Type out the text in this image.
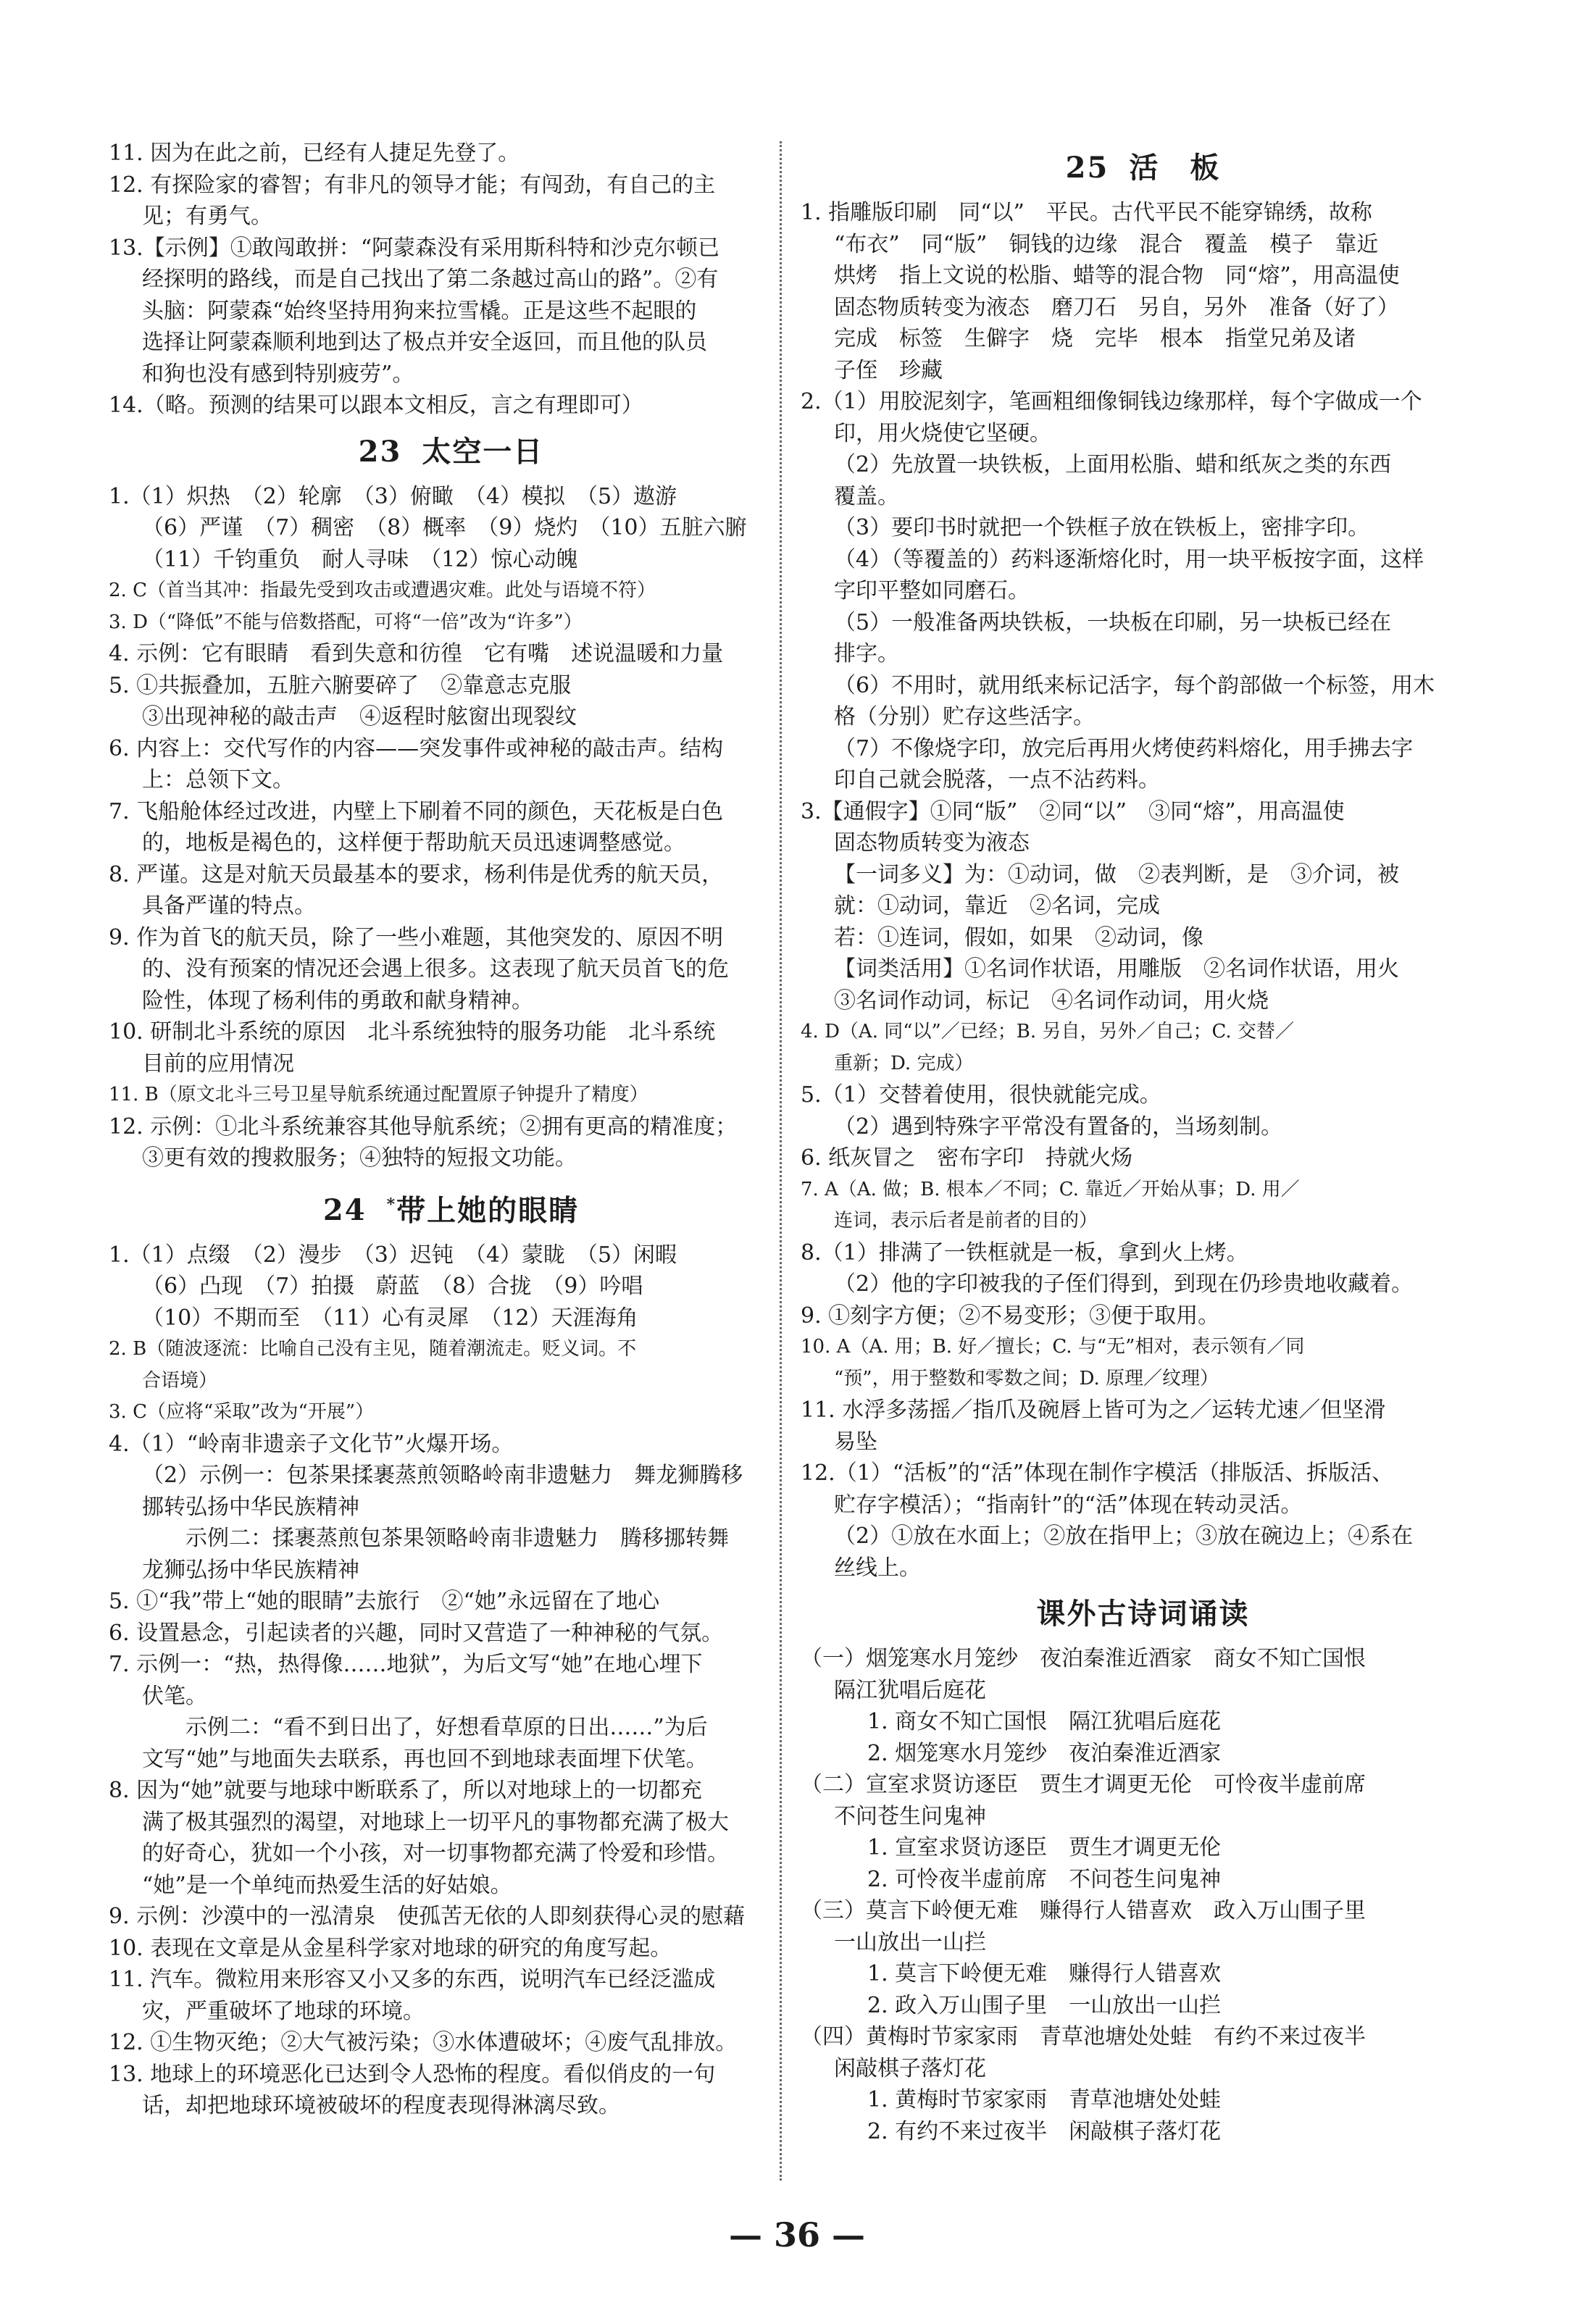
11. 因为在此之前，已经有人捷足先登了。
12. 有探险家的睿智；有非凡的领导才能；有闯劲，有自己的主
见；有勇气。
13.【示例】①敢闯敢拼：“阿蒙森没有采用斯科特和沙克尔顿已
经探明的路线，而是自己找出了第二条越过高山的路”。②有
头脑：阿蒙森“始终坚持用狗来拉雪橇。正是这些不起眼的
选择让阿蒙森顺利地到达了极点并安全返回，而且他的队员
和狗也没有感到特别疲劳”。
14.（略。预测的结果可以跟本文相反，言之有理即可）
23 太空一日
1.（1）炽热　（2）轮廓　（3）俯瞰　（4）模拟　（5）遨游
（6）严谨　（7）稠密　（8）概率　（9）烧灼　（10）五脏六腑
（11）千钧重负　耐人寻味　（12）惊心动魄
2. C（首当其冲：指最先受到攻击或遭遇灾难。此处与语境不符）
3. D（“降低”不能与倍数搭配，可将“一倍”改为“许多”）
4. 示例：它有眼睛　看到失意和彷徨　它有嘴　述说温暖和力量
5. ①共振叠加，五脏六腑要碎了　②靠意志克服
③出现神秘的敲击声　④返程时舷窗出现裂纹
6. 内容上：交代写作的内容——突发事件或神秘的敲击声。结构
上：总领下文。
7. 飞船舱体经过改进，内壁上下刷着不同的颜色，天花板是白色
的，地板是褐色的，这样便于帮助航天员迅速调整感觉。
8. 严谨。这是对航天员最基本的要求，杨利伟是优秀的航天员，
具备严谨的特点。
9. 作为首飞的航天员，除了一些小难题，其他突发的、原因不明
的、没有预案的情况还会遇上很多。这表现了航天员首飞的危
险性，体现了杨利伟的勇敢和献身精神。
10. 研制北斗系统的原因　北斗系统独特的服务功能　北斗系统
目前的应用情况
11. B（原文北斗三号卫星导航系统通过配置原子钟提升了精度）
12. 示例：①北斗系统兼容其他导航系统；②拥有更高的精准度；
③更有效的搜救服务；④独特的短报文功能。
24 *带上她的眼睛
1.（1）点缀　（2）漫步　（3）迟钝　（4）蒙眬　（5）闲暇
（6）凸现　（7）拍摄　蔚蓝　（8）合拢　（9）吟唱
（10）不期而至　（11）心有灵犀　（12）天涯海角
2. B（随波逐流：比喻自己没有主见，随着潮流走。贬义词。不
合语境）
3. C（应将“采取”改为“开展”）
4.（1）“岭南非遗亲子文化节”火爆开场。
（2）示例一：包茶果揉裹蒸煎领略岭南非遗魅力　舞龙狮腾移
挪转弘扬中华民族精神
　　示例二：揉裹蒸煎包茶果领略岭南非遗魅力　腾移挪转舞
龙狮弘扬中华民族精神
5. ①“我”带上“她的眼睛”去旅行　②“她”永远留在了地心
6. 设置悬念，引起读者的兴趣，同时又营造了一种神秘的气氛。
7. 示例一：“热，热得像……地狱”，为后文写“她”在地心埋下
伏笔。
　　示例二：“看不到日出了，好想看草原的日出……”为后
文写“她”与地面失去联系，再也回不到地球表面埋下伏笔。
8. 因为“她”就要与地球中断联系了，所以对地球上的一切都充
满了极其强烈的渴望，对地球上一切平凡的事物都充满了极大
的好奇心，犹如一个小孩，对一切事物都充满了怜爱和珍惜。
“她”是一个单纯而热爱生活的好姑娘。
9. 示例：沙漠中的一泓清泉　使孤苦无依的人即刻获得心灵的慰藉
10. 表现在文章是从金星科学家对地球的研究的角度写起。
11. 汽车。微粒用来形容又小又多的东西，说明汽车已经泛滥成
灾，严重破坏了地球的环境。
12. ①生物灭绝；②大气被污染；③水体遭破坏；④废气乱排放。
13. 地球上的环境恶化已达到令人恐怖的程度。看似俏皮的一句
话，却把地球环境被破坏的程度表现得淋漓尽致。
25 活　板
1. 指雕版印刷　同“以”　平民。古代平民不能穿锦绣，故称
“布衣”　同“版”　铜钱的边缘　混合　覆盖　模子　靠近
烘烤　指上文说的松脂、蜡等的混合物　同“熔”，用高温使
固态物质转变为液态　磨刀石　另自，另外　准备（好了）
完成　标签　生僻字　烧　完毕　根本　指堂兄弟及诸
子侄　珍藏
2.（1）用胶泥刻字，笔画粗细像铜钱边缘那样，每个字做成一个
印，用火烧使它坚硬。
（2）先放置一块铁板，上面用松脂、蜡和纸灰之类的东西
覆盖。
（3）要印书时就把一个铁框子放在铁板上，密排字印。
（4）（等覆盖的）药料逐渐熔化时，用一块平板按字面，这样
字印平整如同磨石。
（5）一般准备两块铁板，一块板在印刷，另一块板已经在
排字。
（6）不用时，就用纸来标记活字，每个韵部做一个标签，用木
格（分别）贮存这些活字。
（7）不像烧字印，放完后再用火烤使药料熔化，用手拂去字
印自己就会脱落，一点不沾药料。
3.【通假字】①同“版”　②同“以”　③同“熔”，用高温使
固态物质转变为液态
【一词多义】为：①动词，做　②表判断，是　③介词，被
就：①动词，靠近　②名词，完成
若：①连词，假如，如果　②动词，像
【词类活用】①名词作状语，用雕版　②名词作状语，用火
③名词作动词，标记　④名词作动词，用火烧
4. D（A. 同“以”／已经；B. 另自，另外／自己；C. 交替／
重新；D. 完成）
5.（1）交替着使用，很快就能完成。
（2）遇到特殊字平常没有置备的，当场刻制。
6. 纸灰冒之　密布字印　持就火炀
7. A（A. 做；B. 根本／不同；C. 靠近／开始从事；D. 用／
连词，表示后者是前者的目的）
8.（1）排满了一铁框就是一板，拿到火上烤。
（2）他的字印被我的子侄们得到，到现在仍珍贵地收藏着。
9. ①刻字方便；②不易变形；③便于取用。
10. A（A. 用；B. 好／擅长；C. 与“无”相对，表示领有／同
“预”，用于整数和零数之间；D. 原理／纹理）
11. 水浮多荡摇／指爪及碗唇上皆可为之／运转尤速／但坚滑
易坠
12.（1）“活板”的“活”体现在制作字模活（排版活、拆版活、
贮存字模活）；“指南针”的“活”体现在转动灵活。
（2）①放在水面上；②放在指甲上；③放在碗边上；④系在
丝线上。
课外古诗词诵读
（一）烟笼寒水月笼纱　夜泊秦淮近酒家　商女不知亡国恨
隔江犹唱后庭花
1. 商女不知亡国恨　隔江犹唱后庭花
2. 烟笼寒水月笼纱　夜泊秦淮近酒家
（二）宣室求贤访逐臣　贾生才调更无伦　可怜夜半虚前席
不问苍生问鬼神
1. 宣室求贤访逐臣　贾生才调更无伦
2. 可怜夜半虚前席　不问苍生问鬼神
（三）莫言下岭便无难　赚得行人错喜欢　政入万山围子里
一山放出一山拦
1. 莫言下岭便无难　赚得行人错喜欢
2. 政入万山围子里　一山放出一山拦
（四）黄梅时节家家雨　青草池塘处处蛙　有约不来过夜半
闲敲棋子落灯花
1. 黄梅时节家家雨　青草池塘处处蛙
2. 有约不来过夜半　闲敲棋子落灯花
— 36 —
